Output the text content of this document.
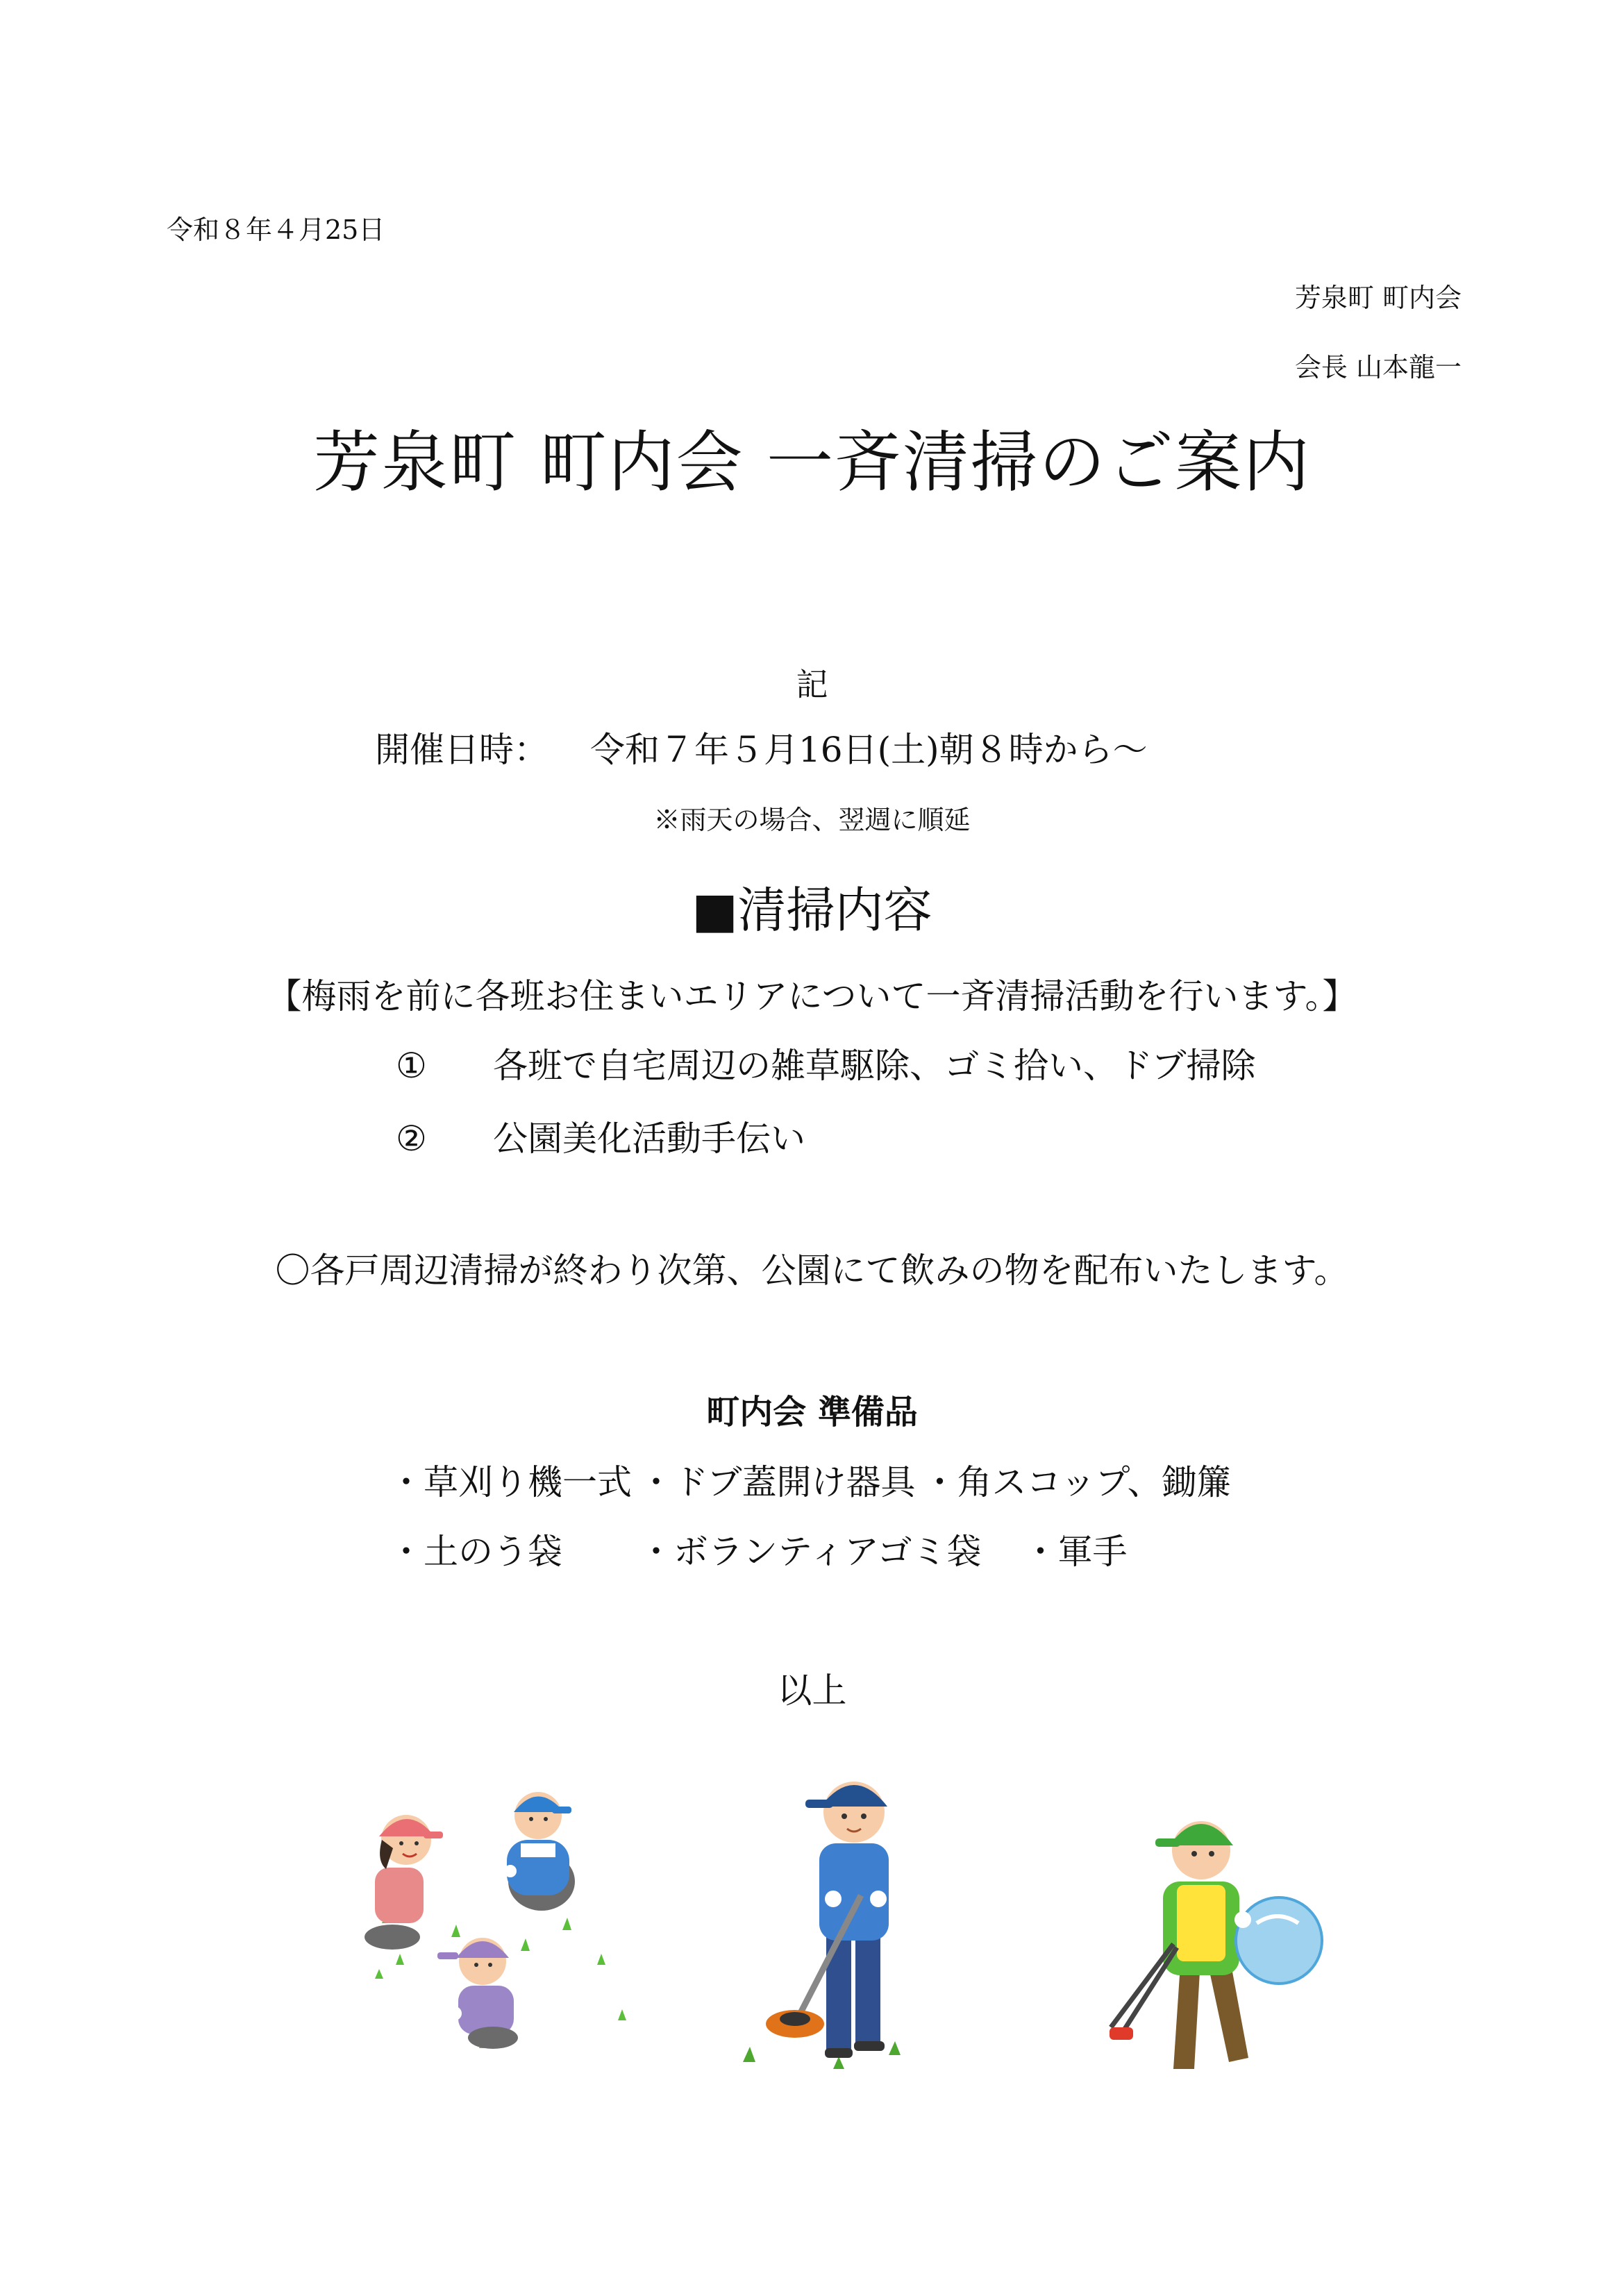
令和８年４月25日
芳泉町 町内会
会長 山本龍一
芳泉町 町内会 一斉清掃のご案内
記
開催日時： 令和７年５月16日(土)朝８時から～
※雨天の場合、翌週に順延
■清掃内容
【梅雨を前に各班お住まいエリアについて一斉清掃活動を行います。】
① 各班で自宅周辺の雑草駆除、ゴミ拾い、ドブ掃除
② 公園美化活動手伝い
〇各戸周辺清掃が終わり次第、公園にて飲みの物を配布いたします。
町内会 準備品
・草刈り機一式 ・ドブ蓋開け器具 ・角スコップ、鋤簾
・土のう袋 ・ボランティアゴミ袋 ・軍手
以上
